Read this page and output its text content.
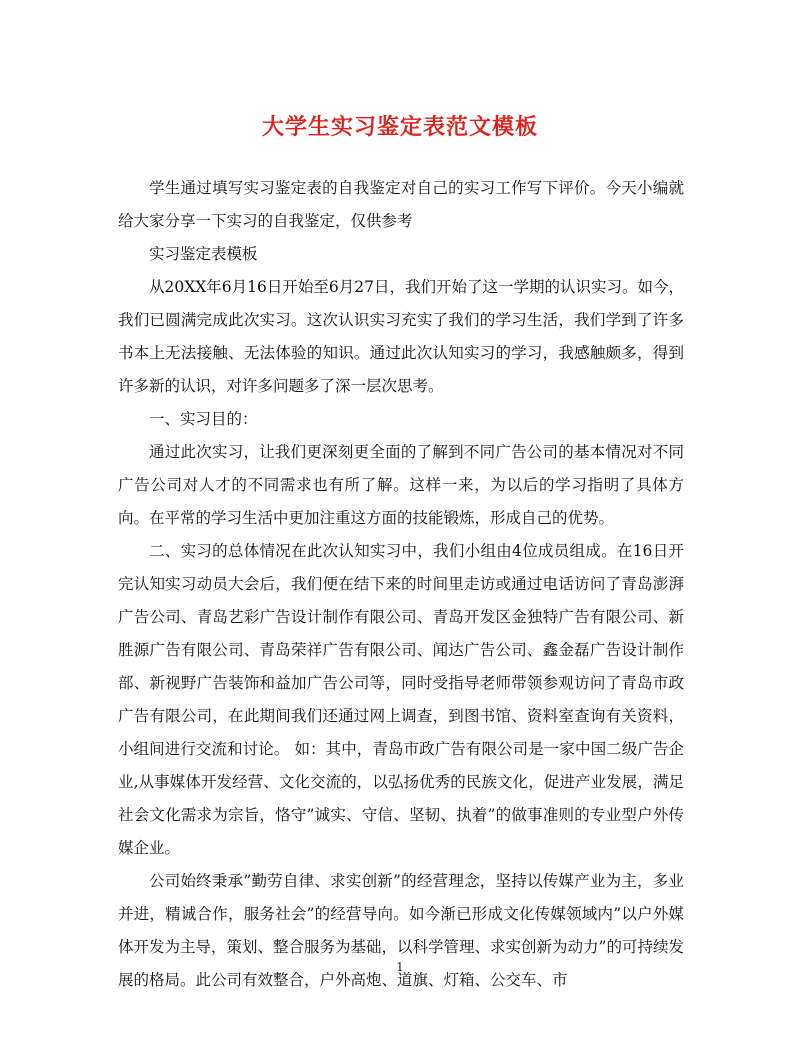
大学生实习鉴定表范文模板

学生通过填写实习鉴定表的自我鉴定对自己的实习工作写下评价。今天小编就给大家分享一下实习的自我鉴定，仅供参考

实习鉴定表模板

从20XX年6月16日开始至6月27日，我们开始了这一学期的认识实习。如今，我们已圆满完成此次实习。这次认识实习充实了我们的学习生活，我们学到了许多书本上无法接触、无法体验的知识。通过此次认知实习的学习，我感触颇多，得到许多新的认识，对许多问题多了深一层次思考。

一、实习目的：

通过此次实习，让我们更深刻更全面的了解到不同广告公司的基本情况对不同广告公司对人才的不同需求也有所了解。这样一来，为以后的学习指明了具体方向。在平常的学习生活中更加注重这方面的技能锻炼，形成自己的优势。

二、实习的总体情况在此次认知实习中，我们小组由4位成员组成。在16日开完认知实习动员大会后，我们便在结下来的时间里走访或通过电话访问了青岛澎湃广告公司、青岛艺彩广告设计制作有限公司、青岛开发区金独特广告有限公司、新胜源广告有限公司、青岛荣祥广告有限公司、闻达广告公司、鑫金磊广告设计制作部、新视野广告装饰和益加广告公司等，同时受指导老师带领参观访问了青岛市政广告有限公司，在此期间我们还通过网上调查，到图书馆、资料室查询有关资料，小组间进行交流和讨论。 如：其中，青岛市政广告有限公司是一家中国二级广告企业,从事媒体开发经营、文化交流的，以弘扬优秀的民族文化，促进产业发展，满足社会文化需求为宗旨，恪守”诚实、守信、坚韧、执着”的做事准则的专业型户外传媒企业。

公司始终秉承”勤劳自律、求实创新”的经营理念，坚持以传媒产业为主，多业并进，精诚合作，服务社会”的经营导向。如今渐已形成文化传媒领域内”以户外媒体开发为主导，策划、整合服务为基础，以科学管理、求实创新为动力”的可持续发展的格局。此公司有效整合，户外高炮、道旗、灯箱、公交车、市

1
